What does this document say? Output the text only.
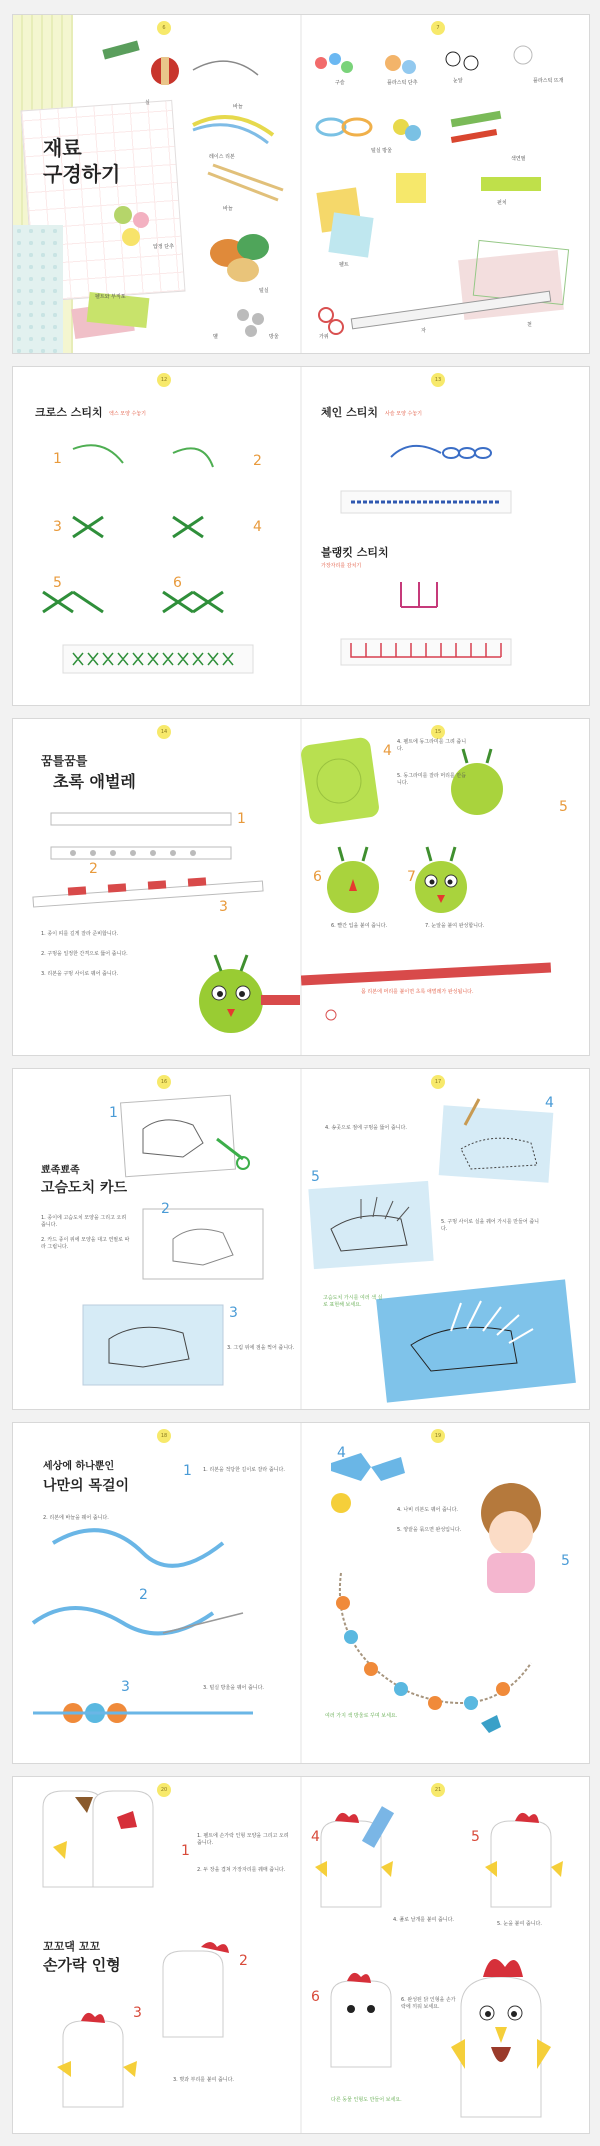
6
재료
구경하기
실
바늘
레이스 리본
바늘
털실
방울
벨
압정 단추
펠트와 부직포
7
구슬	플라스틱 단추	눈알	플라스틱 뜨개
털실 방울
펠트
색연필
펀치
가위
자
천
12
크로스 스티치 엑스 모양 수놓기
1	2
3	4
5	6
13
체인 스티치 사슬 모양 수놓기
블랭킷 스티치
가장자리를 감치기
14
꿈틀꿈틀
초록 애벌레
1
2
3
1. 종이 띠를 길게 잘라 준비합니다.
2. 구멍을 일정한 간격으로 뚫어 줍니다.
3. 리본을 구멍 사이로 꿰어 줍니다.
15
4
5
6	7
4. 펠트에 동그라미를 그려 줍니다.
5. 동그라미를 잘라 머리를 만듭니다.
6. 빨간 입을 붙여 줍니다.	7. 눈알을 붙여 완성합니다.
몸 리본에 머리를 붙이면 초록 애벌레가 완성됩니다.
16
뾰족뾰족
고슴도치 카드
1
2
3
1. 종이에 고슴도치 모양을 그리고 오려 줍니다.
2. 카드 종이 위에 모양을 대고 연필로 따라 그립니다.
3. 그림 위에 점을 찍어 줍니다.
17
4
5
4. 송곳으로 점에 구멍을 뚫어 줍니다.
5. 구멍 사이로 실을 꿰어 가시를 만들어 줍니다.
고슴도치 가시를 여러 색 실로 표현해 보세요.
18
세상에 하나뿐인
나만의 목걸이
1
2
3
1. 리본을 적당한 길이로 잘라 줍니다.
2. 리본에 바늘을 꿰어 줍니다.
3. 털실 방울을 꿰어 줍니다.
19
4
5
4. 나비 리본도 꿰어 줍니다.
5. 양끝을 묶으면 완성입니다.
여러 가지 색 방울로 꾸며 보세요.
20
꼬꼬댁 꼬꼬
손가락 인형
1
2
3
1. 펠트에 손가락 인형 모양을 그리고 오려 줍니다.
2. 두 장을 겹쳐 가장자리를 꿰매 줍니다.
3. 볏과 부리를 붙여 줍니다.
21
4	5
6
4. 풀로 날개를 붙여 줍니다.
5. 눈을 붙여 줍니다.
6. 완성된 닭 인형을 손가락에 끼워 보세요.
다른 동물 인형도 만들어 보세요.
